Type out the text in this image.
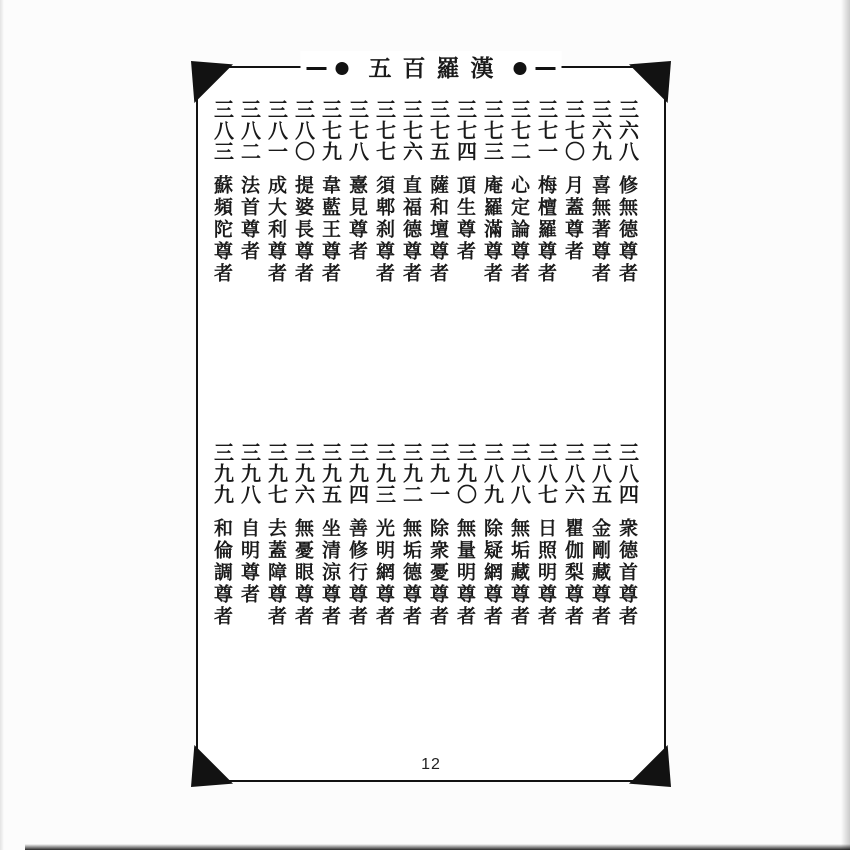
五百羅漢
三六八
修無德尊者
三六九
喜無著尊者
三七〇
月蓋尊者
三七一
梅檀羅尊者
三七二
心定論尊者
三七三
庵羅滿尊者
三七四
頂生尊者
三七五
薩和壇尊者
三七六
直福德尊者
三七七
須郫刹尊者
三七八
憙見尊者
三七九
韋藍王尊者
三八〇
提婆長尊者
三八一
成大利尊者
三八二
法首尊者
三八三
蘇頻陀尊者
三八四
衆德首尊者
三八五
金剛藏尊者
三八六
瞿伽梨尊者
三八七
日照明尊者
三八八
無垢藏尊者
三八九
除疑網尊者
三九〇
無量明尊者
三九一
除衆憂尊者
三九二
無垢德尊者
三九三
光明網尊者
三九四
善修行尊者
三九五
坐清涼尊者
三九六
無憂眼尊者
三九七
去蓋障尊者
三九八
自明尊者
三九九
和倫調尊者
12
